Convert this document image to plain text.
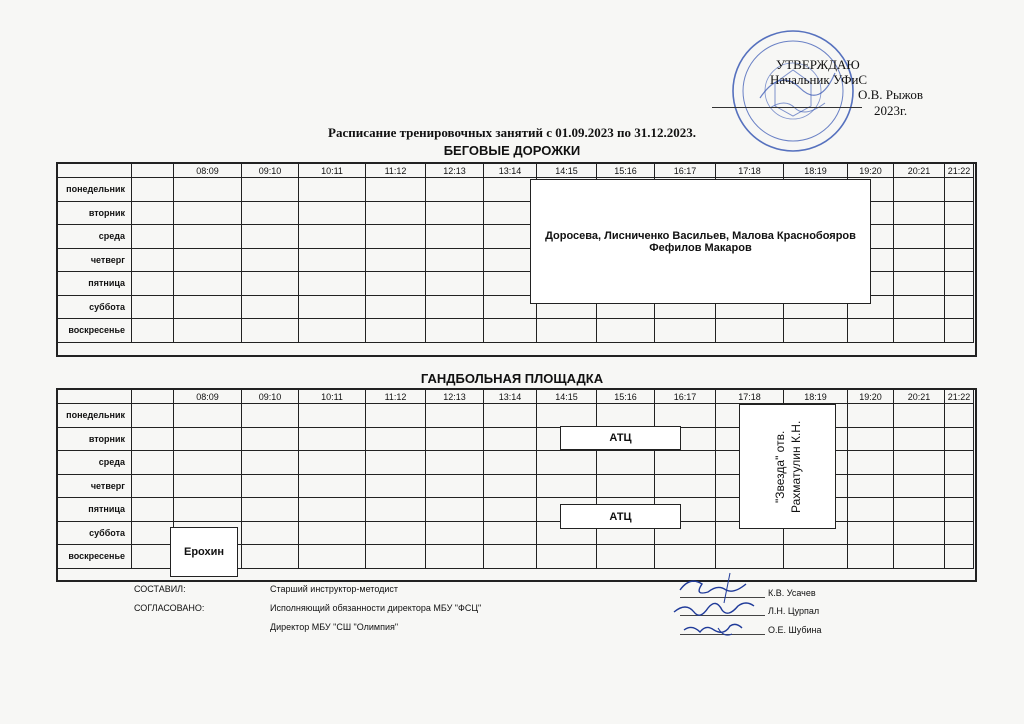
УТВЕРЖДАЮ
Начальник УФиС
О.В. Рыжов
2023г.
Расписание тренировочных занятий с 01.09.2023 по 31.12.2023.
БЕГОВЫЕ ДОРОЖКИ
		08:09	09:10	10:11	11:12	12:13	13:14	14:15	15:16	16:17	17:18	18:19	19:20	20:21	21:22
понедельник															
вторник															
среда															
четверг															
пятница															
суббота															
воскресенье															
Доросева, Лисниченко Васильев, Малова Краснобояров Фефилов Макаров
ГАНДБОЛЬНАЯ ПЛОЩАДКА
		08:09	09:10	10:11	11:12	12:13	13:14	14:15	15:16	16:17	17:18	18:19	19:20	20:21	21:22
понедельник															
вторник															
среда															
четверг															
пятница															
суббота															
воскресенье															
АТЦ
АТЦ
"Звезда" отв. Рахматулин К.Н.
Ерохин
СОСТАВИЛ:
СОГЛАСОВАНО:
Старший инструктор-методист
Исполняющий обязанности директора МБУ "ФСЦ"
Директор МБУ "СШ "Олимпия"
К.В. Усачев
Л.Н. Цурпал
О.Е. Шубина
